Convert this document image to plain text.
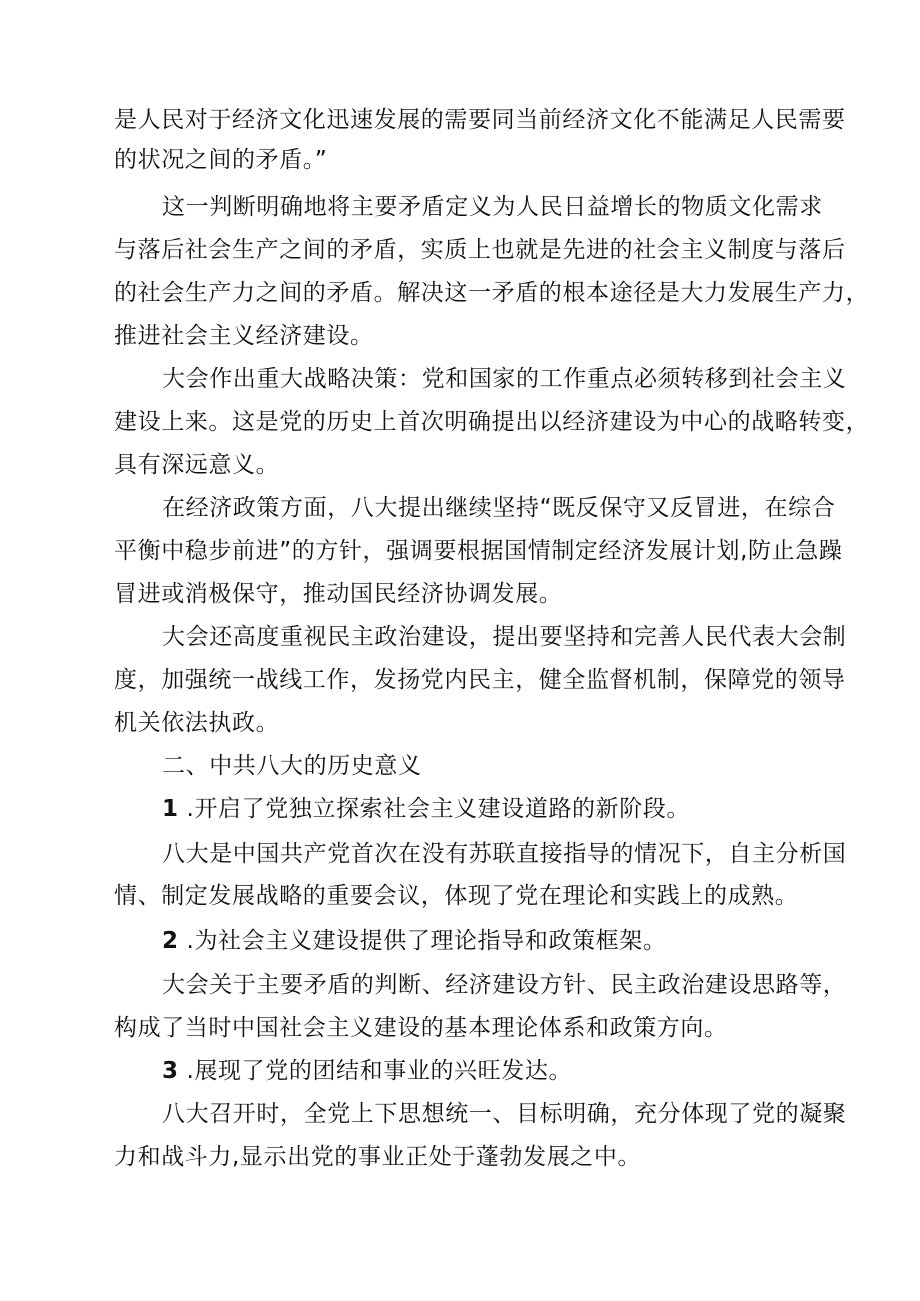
是人民对于经济文化迅速发展的需要同当前经济文化不能满足人民需要
的状况之间的矛盾。”
这一判断明确地将主要矛盾定义为人民日益增长的物质文化需求
与落后社会生产之间的矛盾，实质上也就是先进的社会主义制度与落后
的社会生产力之间的矛盾。解决这一矛盾的根本途径是大力发展生产力，
推进社会主义经济建设。
大会作出重大战略决策：党和国家的工作重点必须转移到社会主义
建设上来。这是党的历史上首次明确提出以经济建设为中心的战略转变，
具有深远意义。
在经济政策方面，八大提出继续坚持“既反保守又反冒进，在综合
平衡中稳步前进”的方针，强调要根据国情制定经济发展计划,防止急躁
冒进或消极保守，推动国民经济协调发展。
大会还高度重视民主政治建设，提出要坚持和完善人民代表大会制
度，加强统一战线工作，发扬党内民主，健全监督机制，保障党的领导
机关依法执政。
二、中共八大的历史意义
1 .开启了党独立探索社会主义建设道路的新阶段。
八大是中国共产党首次在没有苏联直接指导的情况下，自主分析国
情、制定发展战略的重要会议，体现了党在理论和实践上的成熟。
2 .为社会主义建设提供了理论指导和政策框架。
大会关于主要矛盾的判断、经济建设方针、民主政治建设思路等，
构成了当时中国社会主义建设的基本理论体系和政策方向。
3 .展现了党的团结和事业的兴旺发达。
八大召开时，全党上下思想统一、目标明确，充分体现了党的凝聚
力和战斗力,显示出党的事业正处于蓬勃发展之中。
